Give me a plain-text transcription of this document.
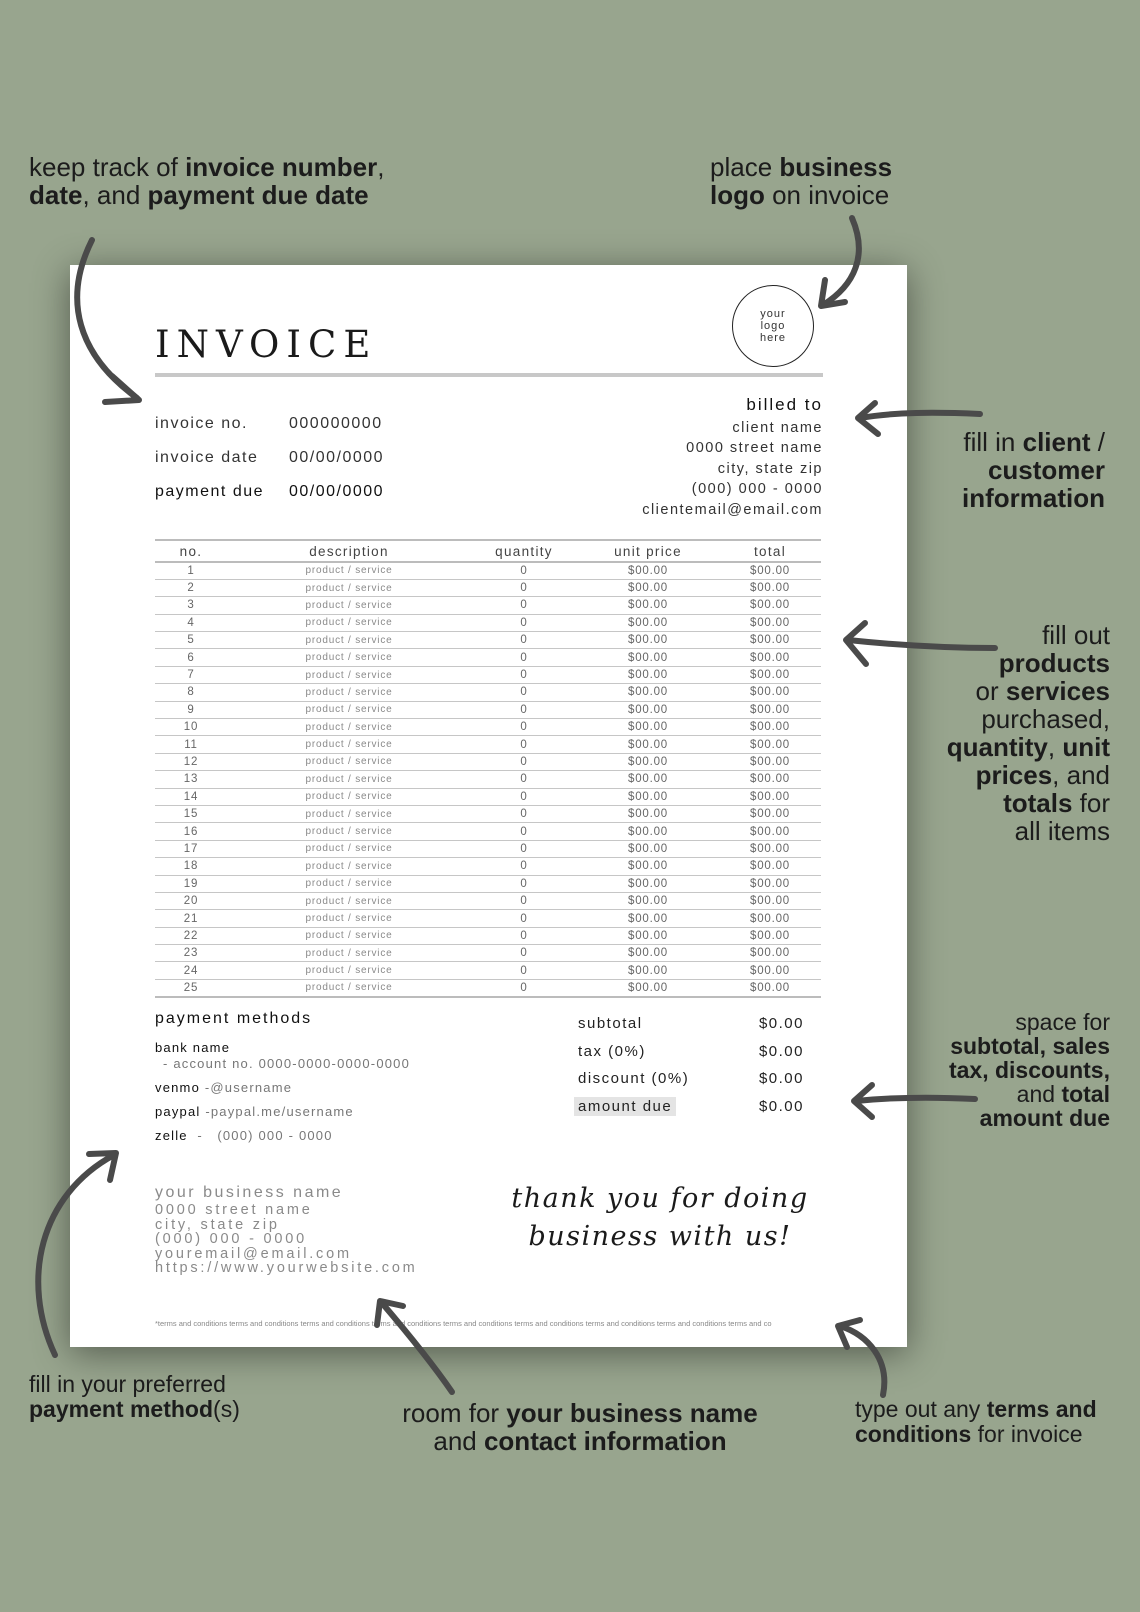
keep track of invoice number,
date, and payment due date
place business
logo on invoice
fill in client /
customer
information
fill out
products
or services
purchased,
quantity, unit
prices, and
totals for
all items
space for
subtotal, sales
tax, discounts,
and total
amount due
fill in your preferred
payment method(s)	room for your business name
and contact information
type out any terms and
conditions for invoice
your logo here
INVOICE
invoice no.	000000000
invoice date 00/00/0000
payment due 00/00/0000
billed to
client name
0000 street name
city, state zip
(000) 000 - 0000
clientemail@email.com
no.	description	quantity	unit price	total
1	product / service	0	$00.00	$00.00
2	product / service	0	$00.00	$00.00
3	product / service	0	$00.00	$00.00
4	product / service	0	$00.00	$00.00
5	product / service	0	$00.00	$00.00
6	product / service	0	$00.00	$00.00
7	product / service	0	$00.00	$00.00
8	product / service	0	$00.00	$00.00
9	product / service	0	$00.00	$00.00
10	product / service	0	$00.00	$00.00
11	product / service	0	$00.00	$00.00
12	product / service	0	$00.00	$00.00
13	product / service	0	$00.00	$00.00
14	product / service	0	$00.00	$00.00
15	product / service	0	$00.00	$00.00
16	product / service	0	$00.00	$00.00
17	product / service	0	$00.00	$00.00
18	product / service	0	$00.00	$00.00
19	product / service	0	$00.00	$00.00
20	product / service	0	$00.00	$00.00
21	product / service	0	$00.00	$00.00
22	product / service	0	$00.00	$00.00
23	product / service	0	$00.00	$00.00
24	product / service	0	$00.00	$00.00
25	product / service	0	$00.00	$00.00
payment methods
bank name
- account no. 0000-0000-0000-0000
venmo -@username
paypal -paypal.me/username
zelle  -   (000) 000 - 0000
subtotal	$0.00
tax (0%)	$0.00
discount (0%)	$0.00
amount due	$0.00
your business name
0000 street name
city, state zip
(000) 000 - 0000
youremail@email.com
https://www.yourwebsite.com
thank you for doing
business with us!
*terms and conditions terms and conditions terms and conditions terms and conditions terms and conditions terms and conditions terms and conditions terms and conditions terms and co
